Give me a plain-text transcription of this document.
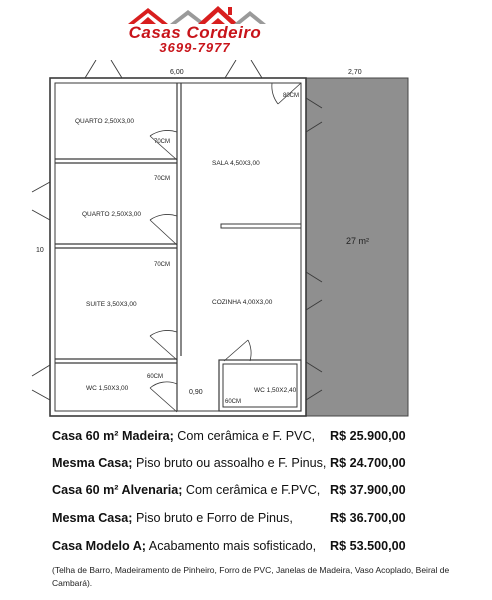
Casas Cordeiro
3699-7977
6,00	2,70
10
27 m²
0,90
QUARTO 2,50X3,00
70CM
QUARTO 2,50X3,00
70CM
SUITE 3,50X3,00
70CM
WC 1,50X3,00
60CM
SALA 4,50X3,00
80CM
COZINHA 4,00X3,00
WC 1,50X2,40
60CM
Casa 60 m² Madeira; Com cerâmica e F. PVC, R$ 25.900,00
Mesma Casa; Piso bruto ou assoalho e F. Pinus, R$ 24.700,00
Casa 60 m² Alvenaria; Com cerâmica e F.PVC, R$ 37.900,00
Mesma Casa; Piso bruto e Forro de Pinus,	R$ 36.700,00
Casa Modelo A; Acabamento mais sofisticado, R$ 53.500,00
(Telha de Barro, Madeiramento de Pinheiro, Forro de PVC, Janelas de Madeira, Vaso Acoplado, Beiral de Cambará).
